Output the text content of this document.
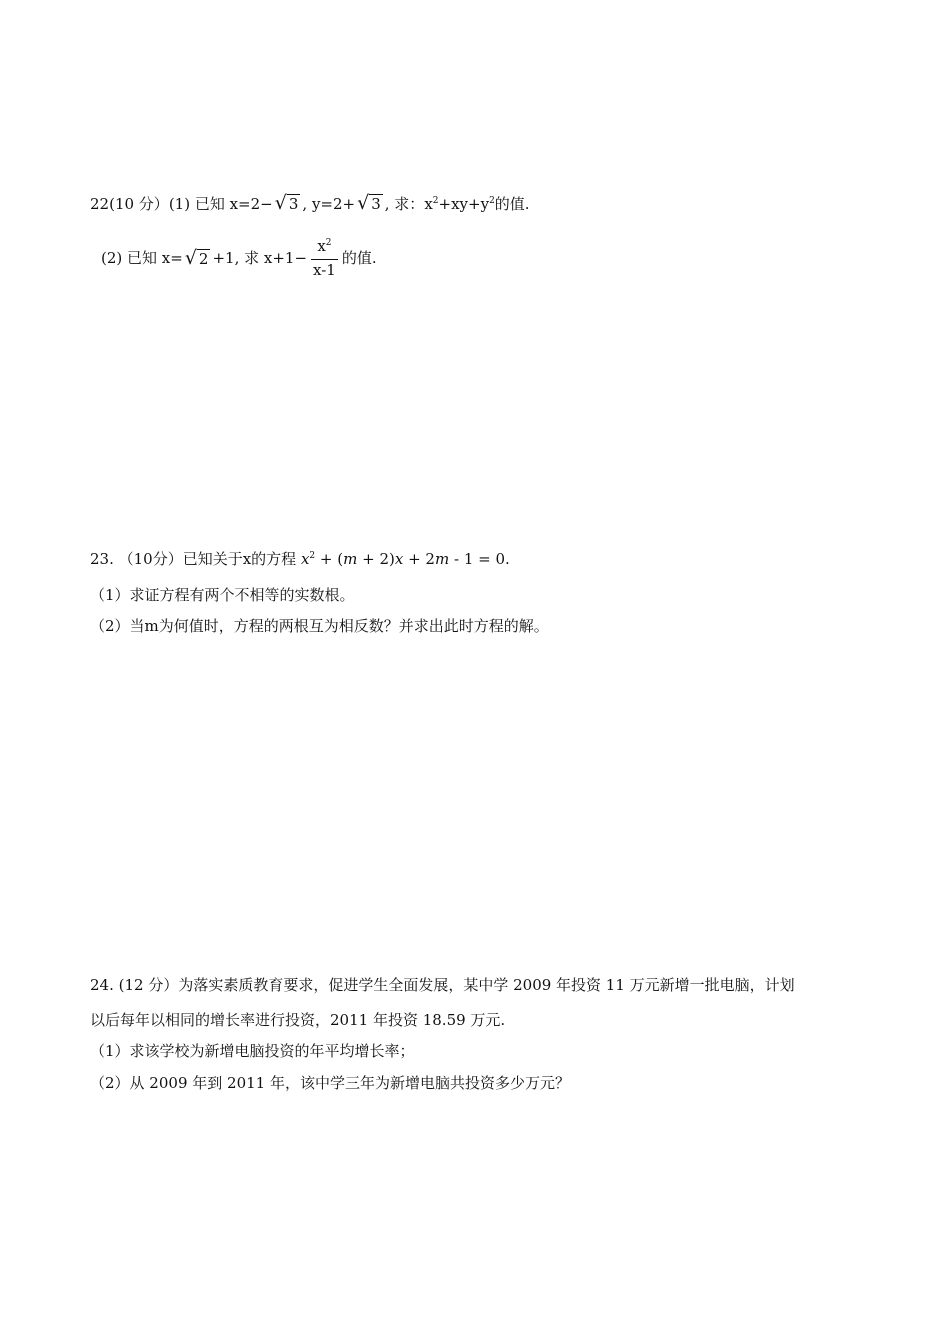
22(10 分）(1) 已知 x=2− √ 3 , y=2+ √ 3 , 求：$x^2+xy+y^2$的值.
(2) 已知 x= √ 2 +1, 求 $x+1- \frac{x^2}{x-1}$ 的值.
23. （10分）已知关于x的方程 $x^2 + (m + 2)x + 2m - 1 = 0$.
（1）求证方程有两个不相等的实数根。
（2）当m为何值时，方程的两根互为相反数？并求出此时方程的解。
24. (12 分）为落实素质教育要求，促进学生全面发展，某中学 2009 年投资 11 万元新增一批电脑，计划
以后每年以相同的增长率进行投资，2011 年投资 18.59 万元.
（1）求该学校为新增电脑投资的年平均增长率；
（2）从 2009 年到 2011 年，该中学三年为新增电脑共投资多少万元？
